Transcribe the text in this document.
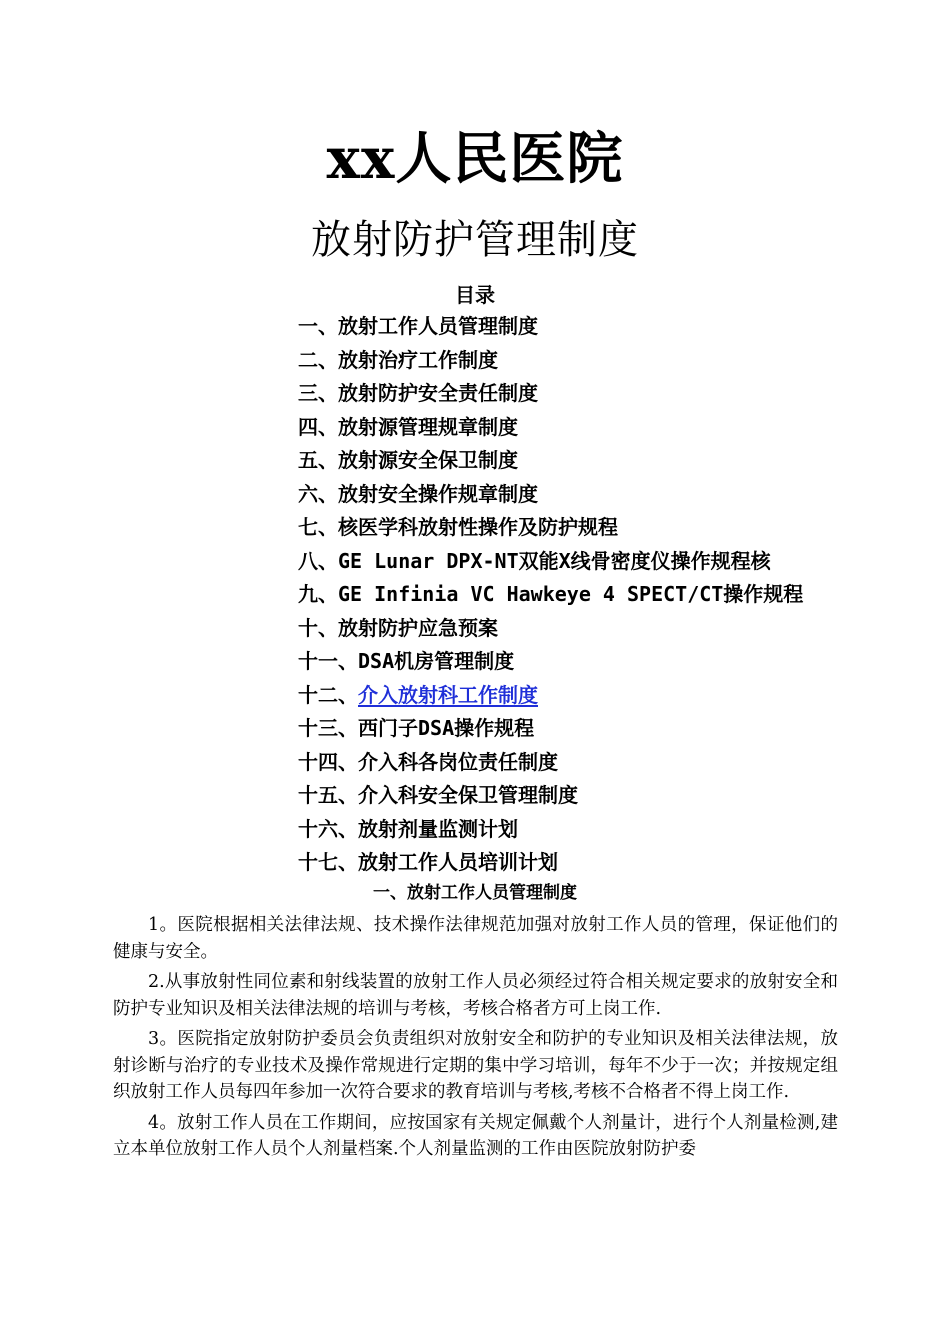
xx人民医院
放射防护管理制度
目录
一、放射工作人员管理制度
二、放射治疗工作制度
三、放射防护安全责任制度
四、放射源管理规章制度
五、放射源安全保卫制度
六、放射安全操作规章制度
七、核医学科放射性操作及防护规程
八、GE Lunar DPX-NT双能X线骨密度仪操作规程核
九、GE Infinia VC Hawkeye 4 SPECT/CT操作规程
十、放射防护应急预案
十一、DSA机房管理制度
十二、介入放射科工作制度
十三、西门子DSA操作规程
十四、介入科各岗位责任制度
十五、介入科安全保卫管理制度
十六、放射剂量监测计划
十七、放射工作人员培训计划
一、放射工作人员管理制度

1。医院根据相关法律法规、技术操作法律规范加强对放射工作人员的管理，保证他们的健康与安全。

2.从事放射性同位素和射线装置的放射工作人员必须经过符合相关规定要求的放射安全和防护专业知识及相关法律法规的培训与考核，考核合格者方可上岗工作.

3。医院指定放射防护委员会负责组织对放射安全和防护的专业知识及相关法律法规，放射诊断与治疗的专业技术及操作常规进行定期的集中学习培训，每年不少于一次；并按规定组织放射工作人员每四年参加一次符合要求的教育培训与考核,考核不合格者不得上岗工作.

4。放射工作人员在工作期间，应按国家有关规定佩戴个人剂量计，进行个人剂量检测,建立本单位放射工作人员个人剂量档案.个人剂量监测的工作由医院放射防护委
